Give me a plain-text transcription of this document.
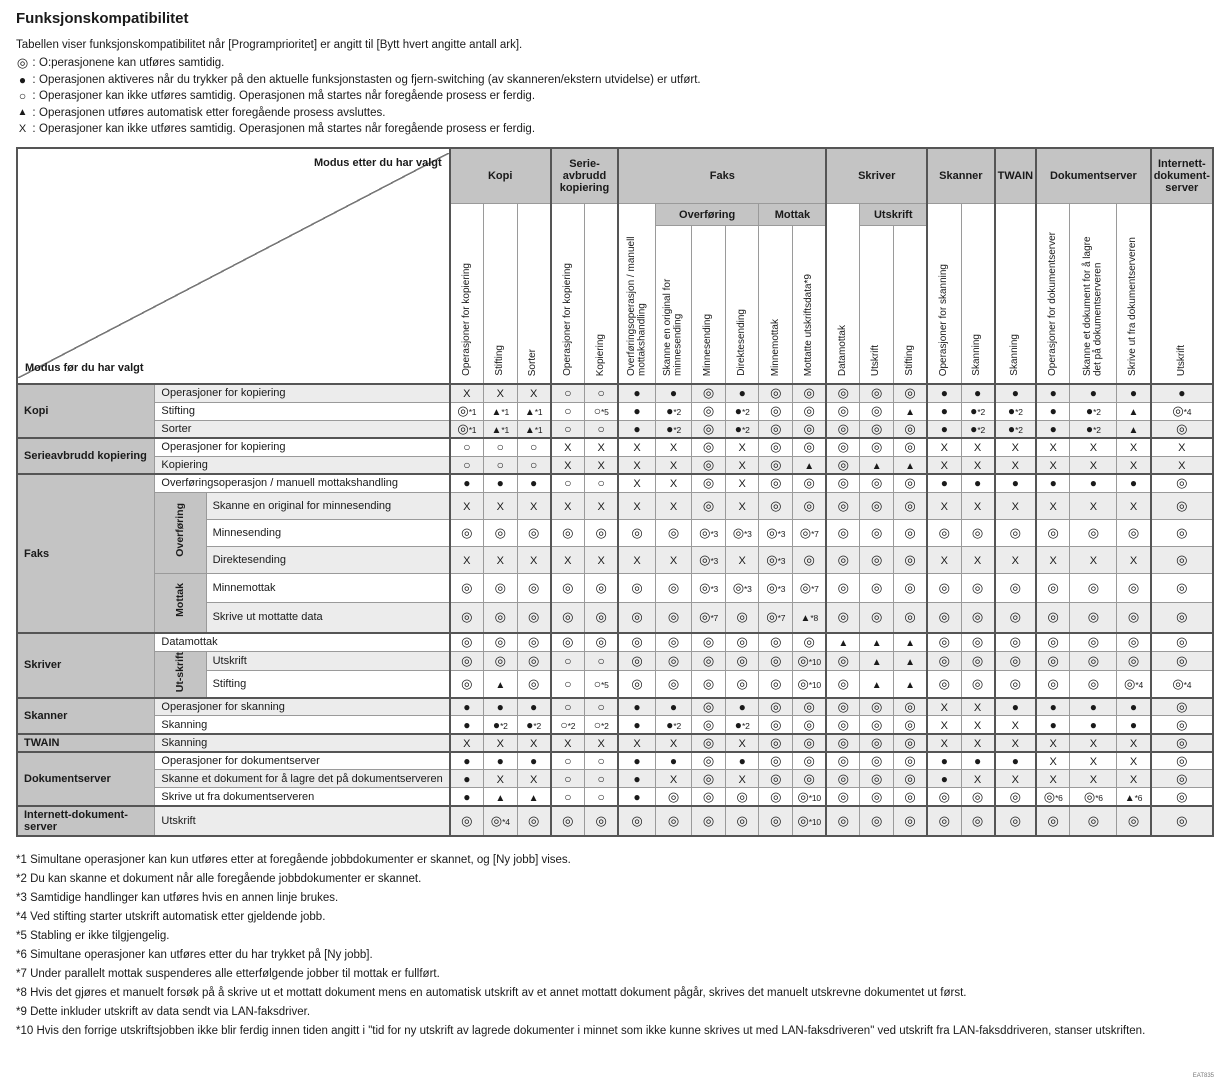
Funksjonskompatibilitet
Tabellen viser funksjonskompatibilitet når [Programprioritet] er angitt til [Bytt hvert angitte antall ark].
◎ : O:perasjonene kan utføres samtidig.
● : Operasjonen aktiveres når du trykker på den aktuelle funksjonstasten og fjern-switching (av skanneren/ekstern utvidelse) er utført.
○ : Operasjoner kan ikke utføres samtidig. Operasjonen må startes når foregående prosess er ferdig.
▲ : Operasjonen utføres automatisk etter foregående prosess avsluttes.
X : Operasjoner kan ikke utføres samtidig. Operasjonen må startes når foregående prosess er ferdig.
Modus etter du har valgt
Modus før du har valgt			Kopi			Serie-avbrudd kopiering		Faks						Skriver			Skanner		TWAIN	Dokumentserver			Internett-dokument-server
			Operasjoner for kopiering	Stifting	Sorter	Operasjoner for kopiering	Kopiering	Overføringsoperasjon / manuell mottakshandling	Overføring			Mottak		Datamottak	Utskrift		Operasjoner for skanning	Skanning	Skanning	Operasjoner for dokumentserver	Skanne et dokument for å lagre det på dokumentserveren	Skrive ut fra dokumentserveren	Utskrift
									Skanne en original for minnesending	Minnesending	Direktesending	Minnemottak	Mottatte utskriftsdata*9		Utskrift	Stifting							
Kopi	Operasjoner for kopiering		X	X	X	○	○	●	●	◎	●	◎	◎	◎	◎	◎	●	●	●	●	●	●	●
	Stifting		◎*1	▲*1	▲*1	○	○*5	●	●*2	◎	●*2	◎	◎	◎	◎	▲	●	●*2	●*2	●	●*2	▲	◎*4
	Sorter		◎*1	▲*1	▲*1	○	○	●	●*2	◎	●*2	◎	◎	◎	◎	◎	●	●*2	●*2	●	●*2	▲	◎
Serieavbrudd kopiering	Operasjoner for kopiering		○	○	○	X	X	X	X	◎	X	◎	◎	◎	◎	◎	X	X	X	X	X	X	X
	Kopiering		○	○	○	X	X	X	X	◎	X	◎	▲	◎	▲	▲	X	X	X	X	X	X	X
Faks	Overføringsoperasjon / manuell mottakshandling		●	●	●	○	○	X	X	◎	X	◎	◎	◎	◎	◎	●	●	●	●	●	●	◎
	Overføring	Skanne en original for minnesending	X	X	X	X	X	X	X	◎	X	◎	◎	◎	◎	◎	X	X	X	X	X	X	◎
		Minnesending	◎	◎	◎	◎	◎	◎	◎	◎*3	◎*3	◎*3	◎*7	◎	◎	◎	◎	◎	◎	◎	◎	◎	◎
		Direktesending	X	X	X	X	X	X	X	◎*3	X	◎*3	◎	◎	◎	◎	X	X	X	X	X	X	◎
	Mottak	Minnemottak	◎	◎	◎	◎	◎	◎	◎	◎*3	◎*3	◎*3	◎*7	◎	◎	◎	◎	◎	◎	◎	◎	◎	◎
		Skrive ut mottatte data	◎	◎	◎	◎	◎	◎	◎	◎*7	◎	◎*7	▲*8	◎	◎	◎	◎	◎	◎	◎	◎	◎	◎
Skriver	Datamottak		◎	◎	◎	◎	◎	◎	◎	◎	◎	◎	◎	▲	▲	▲	◎	◎	◎	◎	◎	◎	◎
	Ut-skrift	Utskrift	◎	◎	◎	○	○	◎	◎	◎	◎	◎	◎*10	◎	▲	▲	◎	◎	◎	◎	◎	◎	◎
		Stifting	◎	▲	◎	○	○*5	◎	◎	◎	◎	◎	◎*10	◎	▲	▲	◎	◎	◎	◎	◎	◎*4	◎*4
Skanner	Operasjoner for skanning		●	●	●	○	○	●	●	◎	●	◎	◎	◎	◎	◎	X	X	●	●	●	●	◎
	Skanning		●	●*2	●*2	○*2	○*2	●	●*2	◎	●*2	◎	◎	◎	◎	◎	X	X	X	●	●	●	◎
TWAIN	Skanning		X	X	X	X	X	X	X	◎	X	◎	◎	◎	◎	◎	X	X	X	X	X	X	◎
Dokumentserver	Operasjoner for dokumentserver		●	●	●	○	○	●	●	◎	●	◎	◎	◎	◎	◎	●	●	●	X	X	X	◎
	Skanne et dokument for å lagre det på dokumentserveren		●	X	X	○	○	●	X	◎	X	◎	◎	◎	◎	◎	●	X	X	X	X	X	◎
	Skrive ut fra dokumentserveren		●	▲	▲	○	○	●	◎	◎	◎	◎	◎*10	◎	◎	◎	◎	◎	◎	◎*6	◎*6	▲*6	◎
Internett-dokument-server	Utskrift		◎	◎*4	◎	◎	◎	◎	◎	◎	◎	◎	◎*10	◎	◎	◎	◎	◎	◎	◎	◎	◎	◎
*1 Simultane operasjoner kan kun utføres etter at foregående jobbdokumenter er skannet, og [Ny jobb] vises.
*2 Du kan skanne et dokument når alle foregående jobbdokumenter er skannet.
*3 Samtidige handlinger kan utføres hvis en annen linje brukes.
*4 Ved stifting starter utskrift automatisk etter gjeldende jobb.
*5 Stabling er ikke tilgjengelig.
*6 Simultane operasjoner kan utføres etter du har trykket på [Ny jobb].
*7 Under parallelt mottak suspenderes alle etterfølgende jobber til mottak er fullført.
*8 Hvis det gjøres et manuelt forsøk på å skrive ut et mottatt dokument mens en automatisk utskrift av et annet mottatt dokument pågår, skrives det manuelt utskrevne dokumentet ut først.
*9 Dette inkluder utskrift av data sendt via LAN-faksdriver.
*10 Hvis den forrige utskriftsjobben ikke blir ferdig innen tiden angitt i "tid for ny utskrift av lagrede dokumenter i minnet som ikke kunne skrives ut med LAN-faksdriveren" ved utskrift fra LAN-faksddriveren, stanser utskriften.
EAT835
